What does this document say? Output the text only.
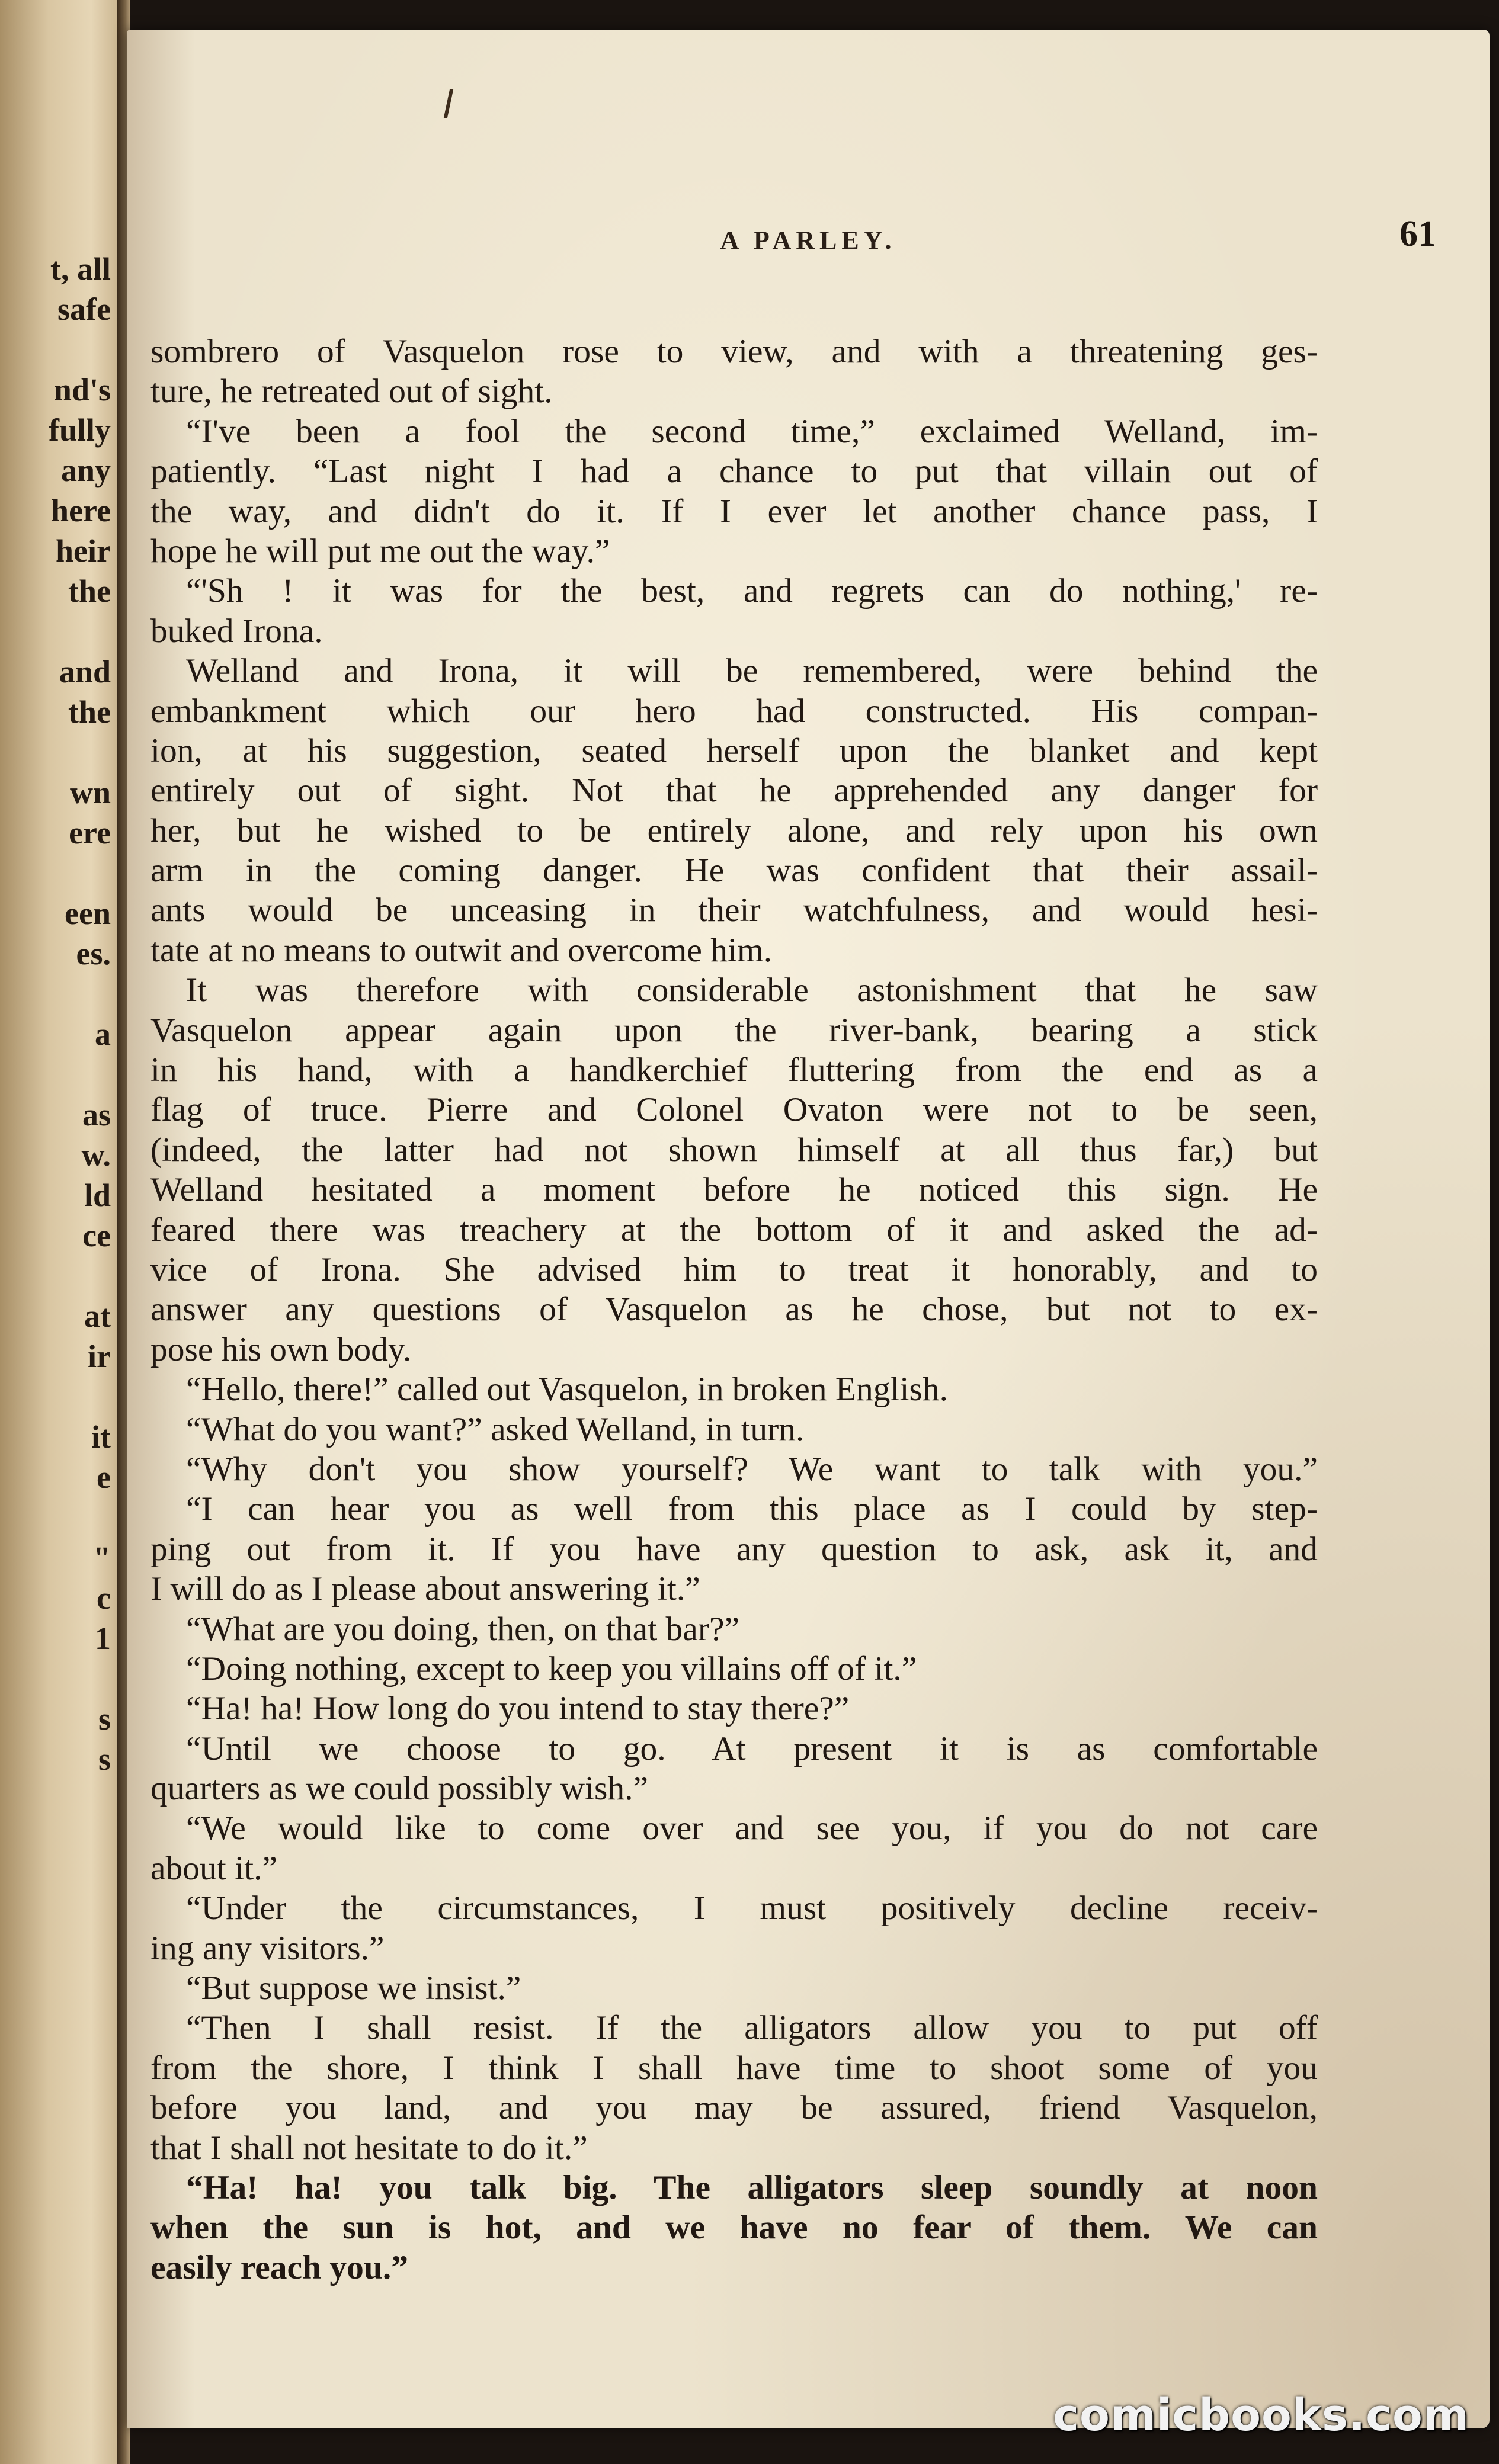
t, all
safe

nd's
fully
any
here
heir
the

and
the

wn
ere

een
es.

a

as
w.
ld
ce

at
ir

it
e

"
c
1

s
s
A PARLEY.	61
sombrero of Vasquelon rose to view, and with a threatening ges-
ture, he retreated out of sight.
“I've been a fool the second time,” exclaimed Welland, im-
patiently. “Last night I had a chance to put that villain out of
the way, and didn't do it. If I ever let another chance pass, I
hope he will put me out the way.”
“'Sh ! it was for the best, and regrets can do nothing,' re-
buked Irona.
Welland and Irona, it will be remembered, were behind the
embankment which our hero had constructed. His compan-
ion, at his suggestion, seated herself upon the blanket and kept
entirely out of sight. Not that he apprehended any danger for
her, but he wished to be entirely alone, and rely upon his own
arm in the coming danger. He was confident that their assail-
ants would be unceasing in their watchfulness, and would hesi-
tate at no means to outwit and overcome him.
It was therefore with considerable astonishment that he saw
Vasquelon appear again upon the river-bank, bearing a stick
in his hand, with a handkerchief fluttering from the end as a
flag of truce. Pierre and Colonel Ovaton were not to be seen,
(indeed, the latter had not shown himself at all thus far,) but
Welland hesitated a moment before he noticed this sign. He
feared there was treachery at the bottom of it and asked the ad-
vice of Irona. She advised him to treat it honorably, and to
answer any questions of Vasquelon as he chose, but not to ex-
pose his own body.
“Hello, there!” called out Vasquelon, in broken English.
“What do you want?” asked Welland, in turn.
“Why don't you show yourself? We want to talk with you.”
“I can hear you as well from this place as I could by step-
ping out from it. If you have any question to ask, ask it, and
I will do as I please about answering it.”
“What are you doing, then, on that bar?”
“Doing nothing, except to keep you villains off of it.”
“Ha! ha! How long do you intend to stay there?”
“Until we choose to go. At present it is as comfortable
quarters as we could possibly wish.”
“We would like to come over and see you, if you do not care
about it.”
“Under the circumstances, I must positively decline receiv-
ing any visitors.”
“But suppose we insist.”
“Then I shall resist. If the alligators allow you to put off
from the shore, I think I shall have time to shoot some of you
before you land, and you may be assured, friend Vasquelon,
that I shall not hesitate to do it.”
“Ha! ha! you talk big. The alligators sleep soundly at noon
when the sun is hot, and we have no fear of them. We can
easily reach you.”
comicbooks.com
